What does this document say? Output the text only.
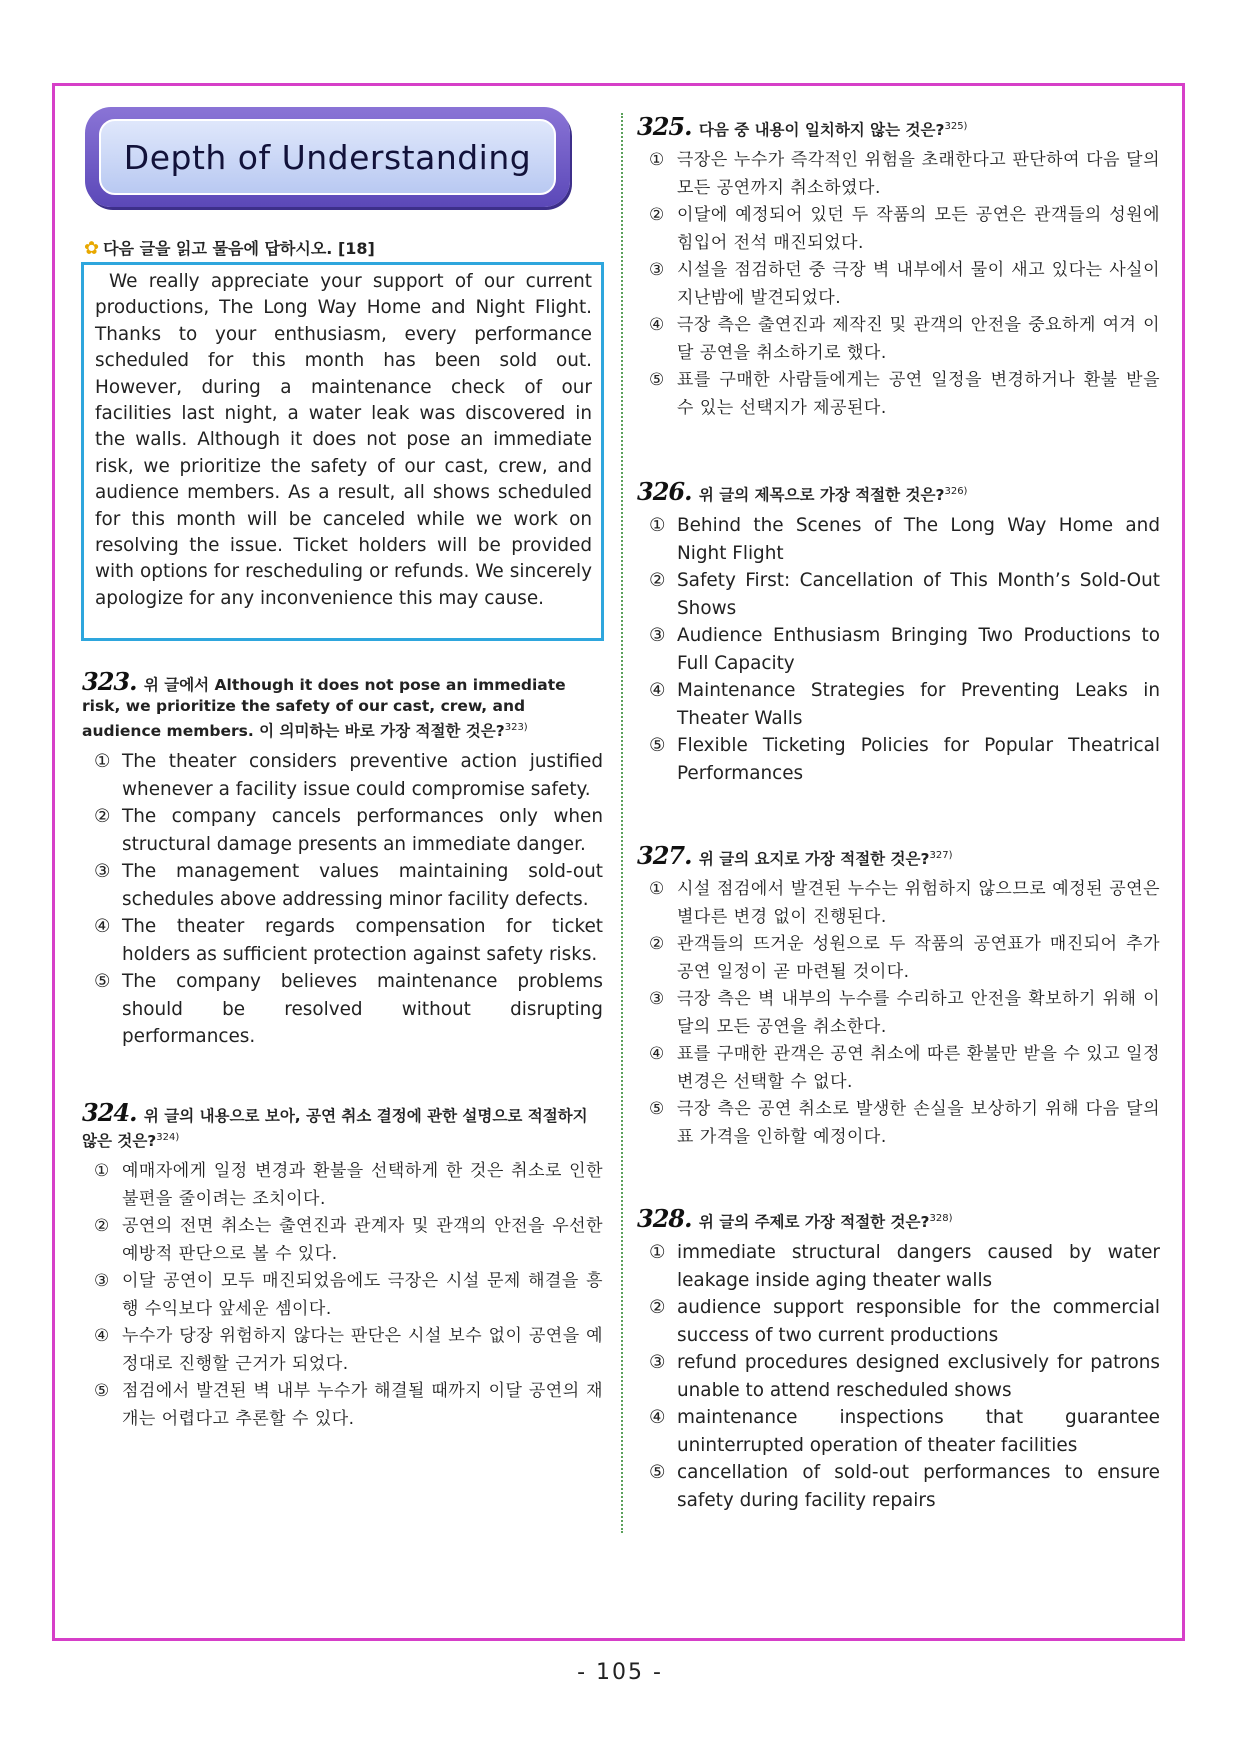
Depth of Understanding
✿ 다음 글을 읽고 물음에 답하시오. [18]

We really appreciate your support of our current productions, The Long Way Home and Night Flight. Thanks to your enthusiasm, every performance scheduled for this month has been sold out. However, during a maintenance check of our facilities last night, a water leak was discovered in the walls. Although it does not pose an immediate risk, we prioritize the safety of our cast, crew, and audience members. As a result, all shows scheduled for this month will be canceled while we work on resolving the issue. Ticket holders will be provided with options for rescheduling or refunds. We sincerely apologize for any inconvenience this may cause.

323. 위 글에서 Although it does not pose an immediate risk, we prioritize the safety of our cast, crew, and audience members. 이 의미하는 바로 가장 적절한 것은?$^{323)}$
① The theater considers preventive action justified whenever a facility issue could compromise safety.
② The company cancels performances only when structural damage presents an immediate danger.
③ The management values maintaining sold-out schedules above addressing minor facility defects.
④ The theater regards compensation for ticket holders as sufficient protection against safety risks.
⑤ The company believes maintenance problems should be resolved without disrupting performances.
324. 위 글의 내용으로 보아, 공연 취소 결정에 관한 설명으로 적절하지 않은 것은?$^{324)}$
① 예매자에게 일정 변경과 환불을 선택하게 한 것은 취소로 인한 불편을 줄이려는 조치이다.
② 공연의 전면 취소는 출연진과 관계자 및 관객의 안전을 우선한 예방적 판단으로 볼 수 있다.
③ 이달 공연이 모두 매진되었음에도 극장은 시설 문제 해결을 흥행 수익보다 앞세운 셈이다.
④ 누수가 당장 위험하지 않다는 판단은 시설 보수 없이 공연을 예정대로 진행할 근거가 되었다.
⑤ 점검에서 발견된 벽 내부 누수가 해결될 때까지 이달 공연의 재개는 어렵다고 추론할 수 있다.
325. 다음 중 내용이 일치하지 않는 것은?$^{325)}$
① 극장은 누수가 즉각적인 위험을 초래한다고 판단하여 다음 달의 모든 공연까지 취소하였다.
② 이달에 예정되어 있던 두 작품의 모든 공연은 관객들의 성원에 힘입어 전석 매진되었다.
③ 시설을 점검하던 중 극장 벽 내부에서 물이 새고 있다는 사실이 지난밤에 발견되었다.
④ 극장 측은 출연진과 제작진 및 관객의 안전을 중요하게 여겨 이달 공연을 취소하기로 했다.
⑤ 표를 구매한 사람들에게는 공연 일정을 변경하거나 환불 받을 수 있는 선택지가 제공된다.
326. 위 글의 제목으로 가장 적절한 것은?$^{326)}$
① Behind the Scenes of The Long Way Home and Night Flight
② Safety First: Cancellation of This Month’s Sold-Out Shows
③ Audience Enthusiasm Bringing Two Productions to Full Capacity
④ Maintenance Strategies for Preventing Leaks in Theater Walls
⑤ Flexible Ticketing Policies for Popular Theatrical Performances
327. 위 글의 요지로 가장 적절한 것은?$^{327)}$
① 시설 점검에서 발견된 누수는 위험하지 않으므로 예정된 공연은 별다른 변경 없이 진행된다.
② 관객들의 뜨거운 성원으로 두 작품의 공연표가 매진되어 추가 공연 일정이 곧 마련될 것이다.
③ 극장 측은 벽 내부의 누수를 수리하고 안전을 확보하기 위해 이달의 모든 공연을 취소한다.
④ 표를 구매한 관객은 공연 취소에 따른 환불만 받을 수 있고 일정 변경은 선택할 수 없다.
⑤ 극장 측은 공연 취소로 발생한 손실을 보상하기 위해 다음 달의 표 가격을 인하할 예정이다.
328. 위 글의 주제로 가장 적절한 것은?$^{328)}$
① immediate structural dangers caused by water leakage inside aging theater walls
② audience support responsible for the commercial success of two current productions
③ refund procedures designed exclusively for patrons unable to attend rescheduled shows
④ maintenance inspections that guarantee uninterrupted operation of theater facilities
⑤ cancellation of sold-out performances to ensure safety during facility repairs
- 105 -
